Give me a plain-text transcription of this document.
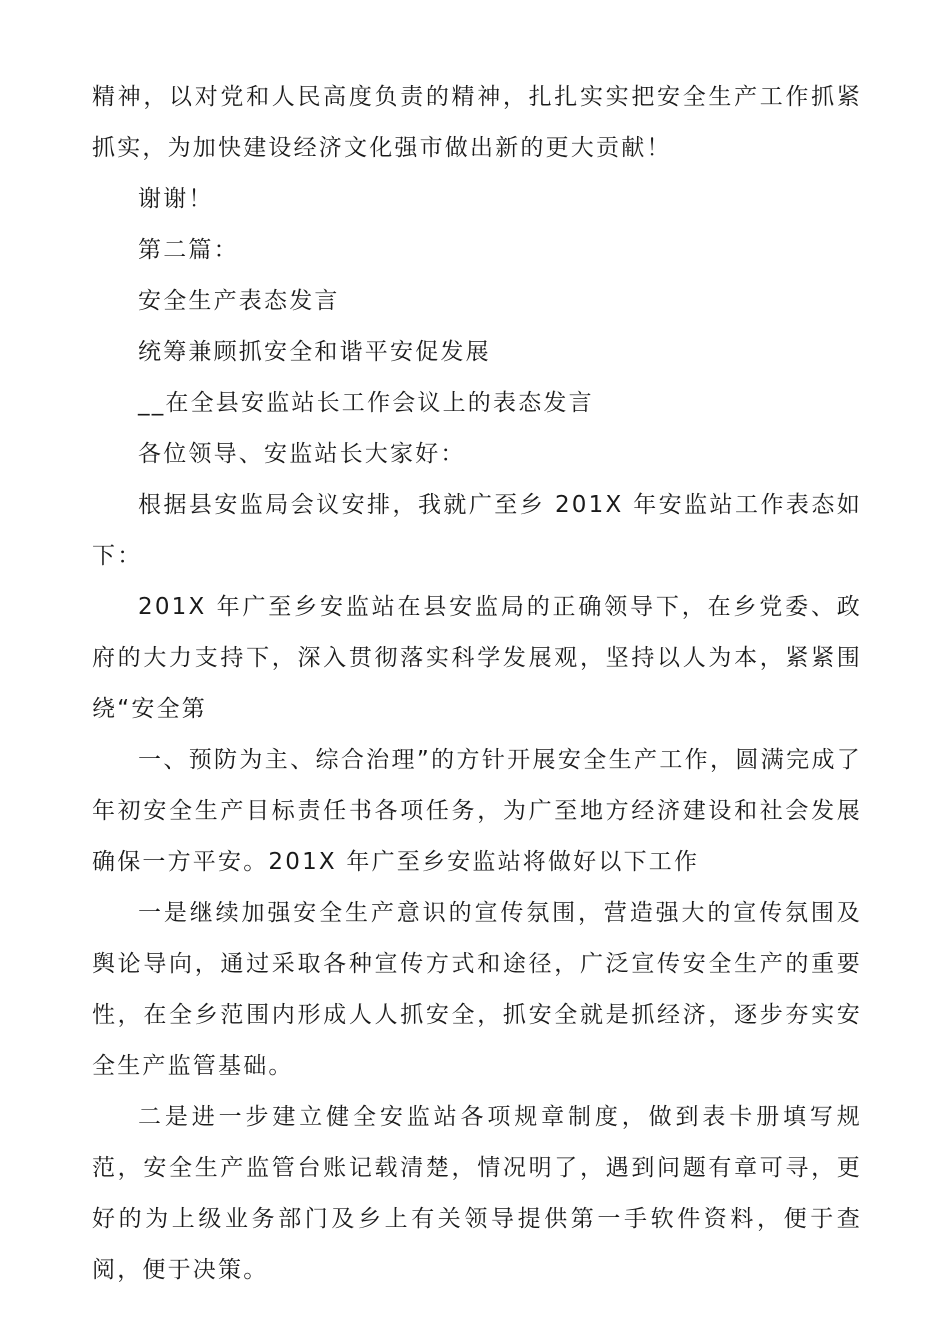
精神，以对党和人民高度负责的精神，扎扎实实把安全生产工作抓紧抓实，为加快建设经济文化强市做出新的更大贡献！

谢谢！

第二篇：

安全生产表态发言

统筹兼顾抓安全和谐平安促发展

__在全县安监站长工作会议上的表态发言

各位领导、安监站长大家好：

根据县安监局会议安排，我就广至乡 201X 年安监站工作表态如下：

201X 年广至乡安监站在县安监局的正确领导下，在乡党委、政府的大力支持下，深入贯彻落实科学发展观，坚持以人为本，紧紧围绕“安全第

一、预防为主、综合治理”的方针开展安全生产工作，圆满完成了年初安全生产目标责任书各项任务，为广至地方经济建设和社会发展确保一方平安。201X 年广至乡安监站将做好以下工作

一是继续加强安全生产意识的宣传氛围，营造强大的宣传氛围及舆论导向，通过采取各种宣传方式和途径，广泛宣传安全生产的重要性，在全乡范围内形成人人抓安全，抓安全就是抓经济，逐步夯实安全生产监管基础。

二是进一步建立健全安监站各项规章制度，做到表卡册填写规范，安全生产监管台账记载清楚，情况明了，遇到问题有章可寻，更好的为上级业务部门及乡上有关领导提供第一手软件资料，便于查阅，便于决策。
